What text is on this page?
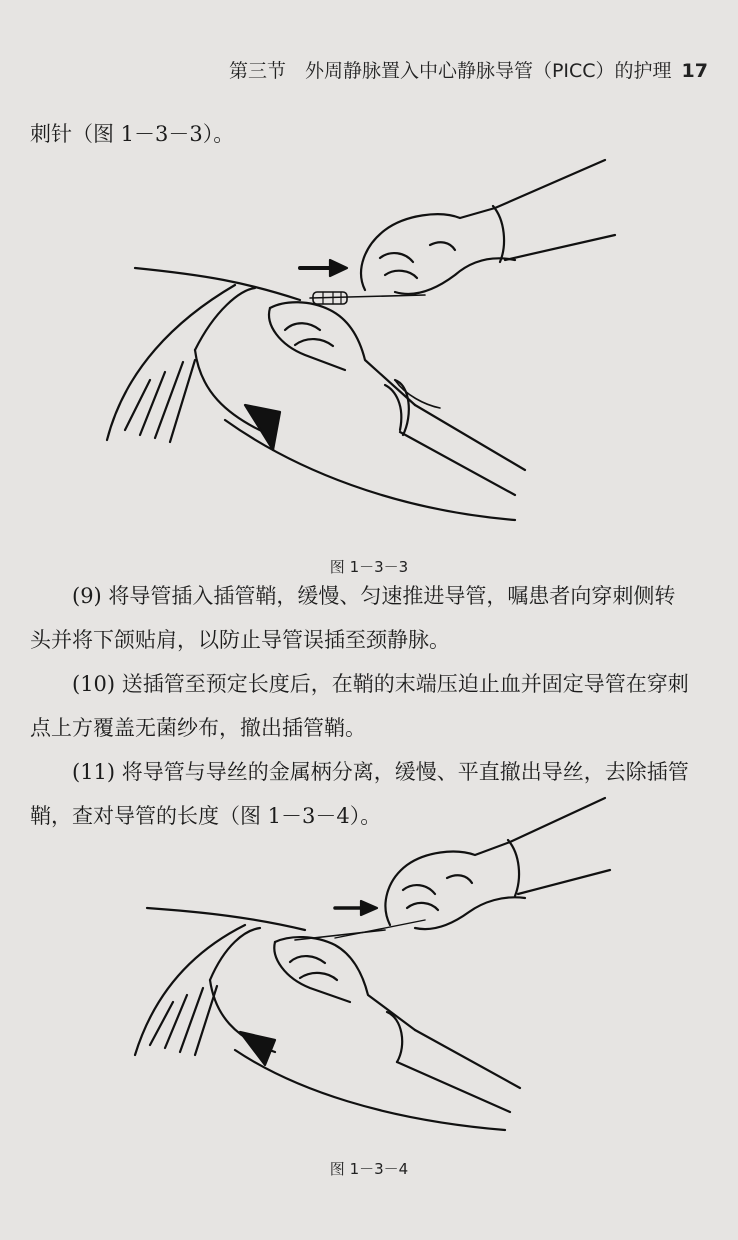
第三节　外周静脉置入中心静脉导管（PICC）的护理 17
刺针（图 1－3－3）。
图 1－3－3
(9) 将导管插入插管鞘，缓慢、匀速推进导管，嘱患者向穿刺侧转头并将下颌贴肩，以防止导管误插至颈静脉。
(10) 送插管至预定长度后，在鞘的末端压迫止血并固定导管在穿刺点上方覆盖无菌纱布，撤出插管鞘。
(11) 将导管与导丝的金属柄分离，缓慢、平直撤出导丝，去除插管鞘，查对导管的长度（图 1－3－4）。
图 1－3－4
